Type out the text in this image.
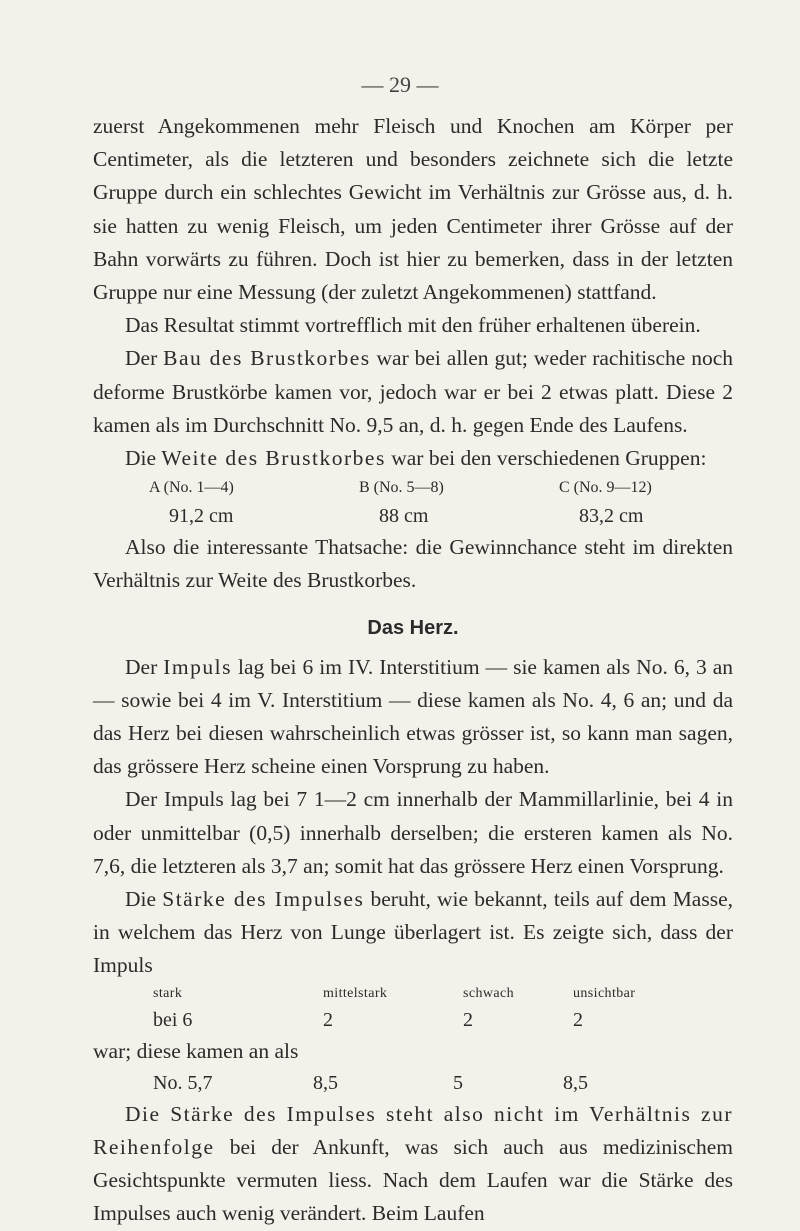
— 29 —

zuerst Angekommenen mehr Fleisch und Knochen am Körper per Centimeter, als die letzteren und besonders zeichnete sich die letzte Gruppe durch ein schlechtes Gewicht im Verhältnis zur Grösse aus, d. h. sie hatten zu wenig Fleisch, um jeden Centimeter ihrer Grösse auf der Bahn vorwärts zu führen. Doch ist hier zu bemerken, dass in der letzten Gruppe nur eine Messung (der zuletzt Angekommenen) stattfand.

Das Resultat stimmt vortrefflich mit den früher erhaltenen überein.

Der Bau des Brustkorbes war bei allen gut; weder rachitische noch deforme Brustkörbe kamen vor, jedoch war er bei 2 etwas platt. Diese 2 kamen als im Durchschnitt No. 9,5 an, d. h. gegen Ende des Laufens.

Die Weite des Brustkorbes war bei den verschiedenen Gruppen:

A (No. 1—4)	B (No. 5—8)	C (No. 9—12)
91,2 cm	88 cm	83,2 cm

Also die interessante Thatsache: die Gewinnchance steht im direkten Verhältnis zur Weite des Brustkorbes.

Das Herz.

Der Impuls lag bei 6 im IV. Interstitium — sie kamen als No. 6, 3 an — sowie bei 4 im V. Interstitium — diese kamen als No. 4, 6 an; und da das Herz bei diesen wahrscheinlich etwas grösser ist, so kann man sagen, das grössere Herz scheine einen Vorsprung zu haben.

Der Impuls lag bei 7 1—2 cm innerhalb der Mammillarlinie, bei 4 in oder unmittelbar (0,5) innerhalb derselben; die ersteren kamen als No. 7,6, die letzteren als 3,7 an; somit hat das grössere Herz einen Vorsprung.

Die Stärke des Impulses beruht, wie bekannt, teils auf dem Masse, in welchem das Herz von Lunge überlagert ist. Es zeigte sich, dass der Impuls

stark	mittelstark	schwach	unsichtbar
bei 6	2	2	2

war; diese kamen an als

No. 5,7	8,5	5	8,5

Die Stärke des Impulses steht also nicht im Verhältnis zur Reihenfolge bei der Ankunft, was sich auch aus medizinischem Gesichtspunkte vermuten liess. Nach dem Laufen war die Stärke des Impulses auch wenig verändert. Beim Laufen
